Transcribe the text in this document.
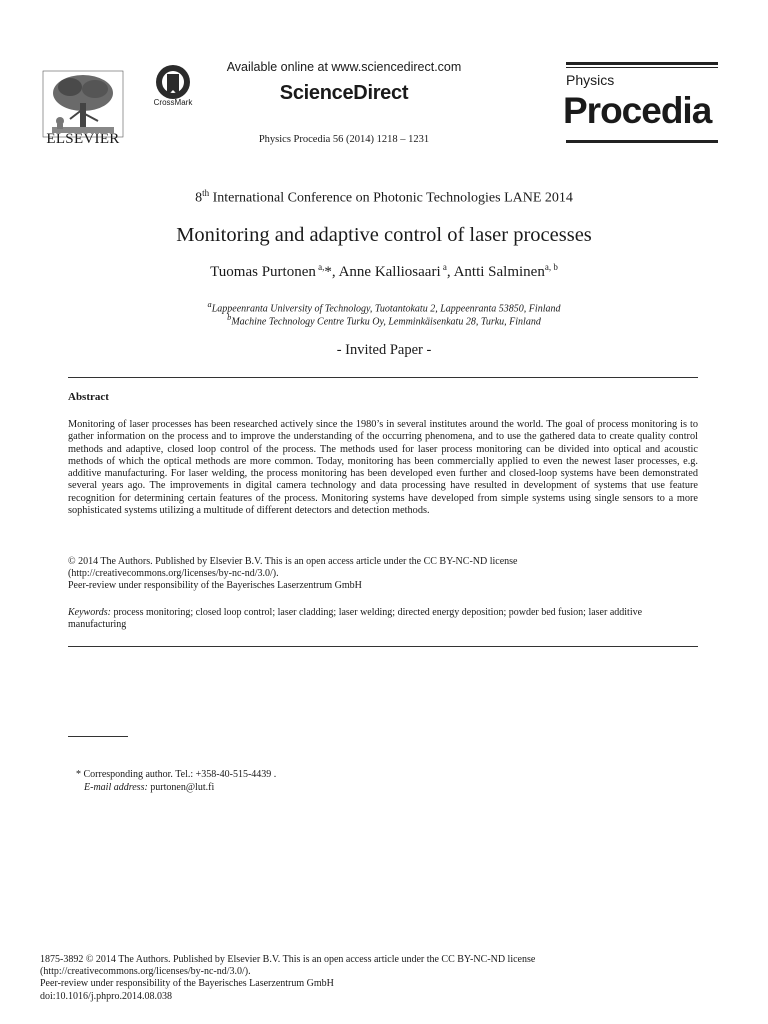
ELSEVIER
CrossMark
Available online at www.sciencedirect.com
ScienceDirect
Physics Procedia 56 (2014) 1218 – 1231
Physics
Procedia
8th International Conference on Photonic Technologies LANE 2014
Monitoring and adaptive control of laser processes
Tuomas Purtonen $^{a,}$*, Anne Kalliosaari $^a$, Antti Salminen$^{a, b}$
$^a$Lappeenranta University of Technology, Tuotantokatu 2, Lappeenranta 53850, Finland
$^b$Machine Technology Centre Turku Oy, Lemminkäisenkatu 28, Turku, Finland
- Invited Paper -
Abstract
Monitoring of laser processes has been researched actively since the 1980’s in several institutes around the world. The goal of process monitoring is to gather information on the process and to improve the understanding of the occurring phenomena, and to use the gathered data to create quality control methods and adaptive, closed loop control of the process. The methods used for laser process monitoring can be divided into optical and acoustic methods of which the optical methods are more common. Today, monitoring has been commercially applied to even the newest laser processes, e.g. additive manufacturing. For laser welding, the process monitoring has been developed even further and closed-loop systems have been demonstrated several years ago. The improvements in digital camera technology and data processing have resulted in development of systems that use feature recognition for determining certain features of the process. Monitoring systems have developed from simple systems using single sensors to a more sophisticated systems utilizing a multitude of different detectors and detection methods.
© 2014 The Authors. Published by Elsevier B.V. This is an open access article under the CC BY-NC-ND license
(http://creativecommons.org/licenses/by-nc-nd/3.0/).
Peer-review under responsibility of the Bayerisches Laserzentrum GmbH
Keywords: process monitoring; closed loop control; laser cladding; laser welding; directed energy deposition; powder bed fusion; laser additive manufacturing
* Corresponding author. Tel.: +358-40-515-4439 .
E-mail address: purtonen@lut.fi
1875-3892 © 2014 The Authors. Published by Elsevier B.V. This is an open access article under the CC BY-NC-ND license
(http://creativecommons.org/licenses/by-nc-nd/3.0/).
Peer-review under responsibility of the Bayerisches Laserzentrum GmbH
doi:10.1016/j.phpro.2014.08.038
